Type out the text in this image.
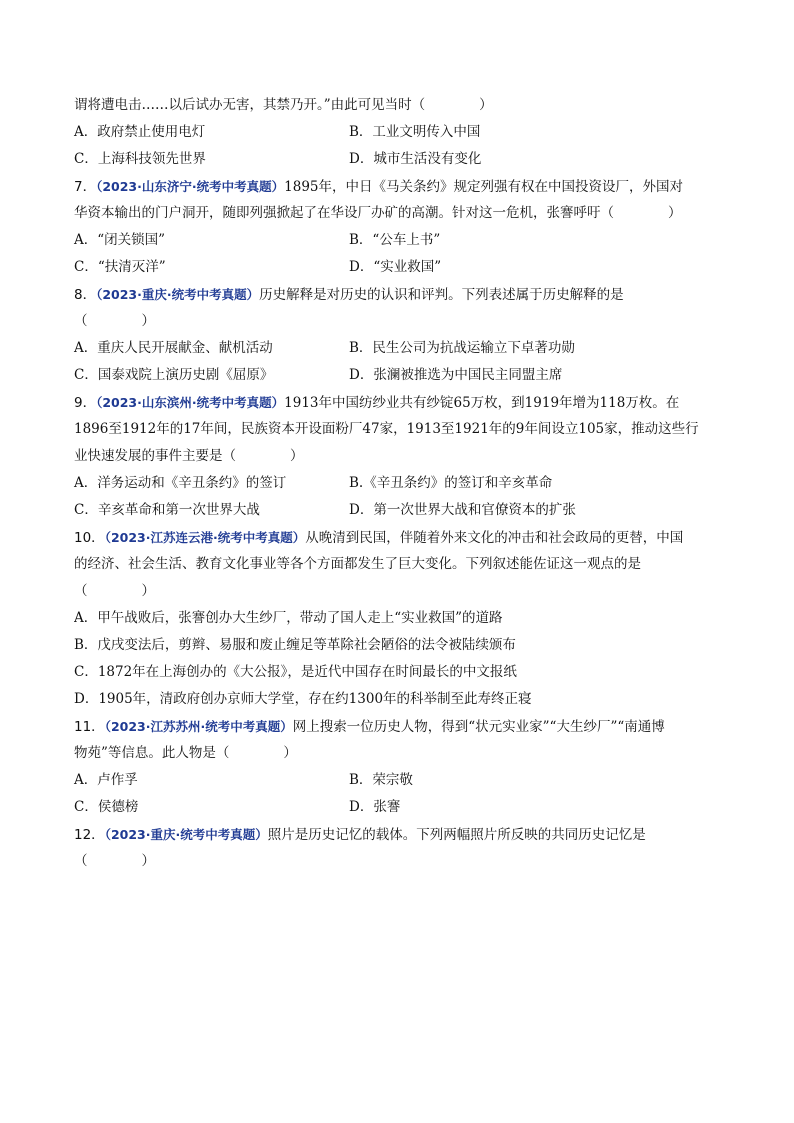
谓将遭电击……以后试办无害，其禁乃开。”由此可见当时（　　　　）
A．政府禁止使用电灯	B．工业文明传入中国
C．上海科技领先世界	D．城市生活没有变化
7．（2023·山东济宁·统考中考真题）1895年，中日《马关条约》规定列强有权在中国投资设厂，外国对
华资本输出的门户洞开，随即列强掀起了在华设厂办矿的高潮。针对这一危机，张謇呼吁（　　　　）
A．“闭关锁国”	B．“公车上书”
C．“扶清灭洋”	D．“实业救国”
8．（2023·重庆·统考中考真题）历史解释是对历史的认识和评判。下列表述属于历史解释的是
（　　　　）
A．重庆人民开展献金、献机活动	B．民生公司为抗战运输立下卓著功勋
C．国泰戏院上演历史剧《屈原》	D．张澜被推选为中国民主同盟主席
9．（2023·山东滨州·统考中考真题）1913年中国纺纱业共有纱锭65万枚，到1919年增为118万枚。在
1896至1912年的17年间，民族资本开设面粉厂47家，1913至1921年的9年间设立105家，推动这些行
业快速发展的事件主要是（　　　　）
A．洋务运动和《辛丑条约》的签订	B.《辛丑条约》的签订和辛亥革命
C．辛亥革命和第一次世界大战	D．第一次世界大战和官僚资本的扩张
10．（2023·江苏连云港·统考中考真题）从晚清到民国，伴随着外来文化的冲击和社会政局的更替，中国
的经济、社会生活、教育文化事业等各个方面都发生了巨大变化。下列叙述能佐证这一观点的是
（　　　　）
A．甲午战败后，张謇创办大生纱厂，带动了国人走上“实业救国”的道路
B．戊戌变法后，剪辫、易服和废止缠足等革除社会陋俗的法令被陆续颁布
C．1872年在上海创办的《大公报》，是近代中国存在时间最长的中文报纸
D．1905年，清政府创办京师大学堂，存在约1300年的科举制至此寿终正寝
11．（2023·江苏苏州·统考中考真题）网上搜索一位历史人物，得到“状元实业家”“大生纱厂”“南通博
物苑”等信息。此人物是（　　　　）
A．卢作孚	B．荣宗敬
C．侯德榜	D．张謇
12．（2023·重庆·统考中考真题）照片是历史记忆的载体。下列两幅照片所反映的共同历史记忆是
（　　　　）
